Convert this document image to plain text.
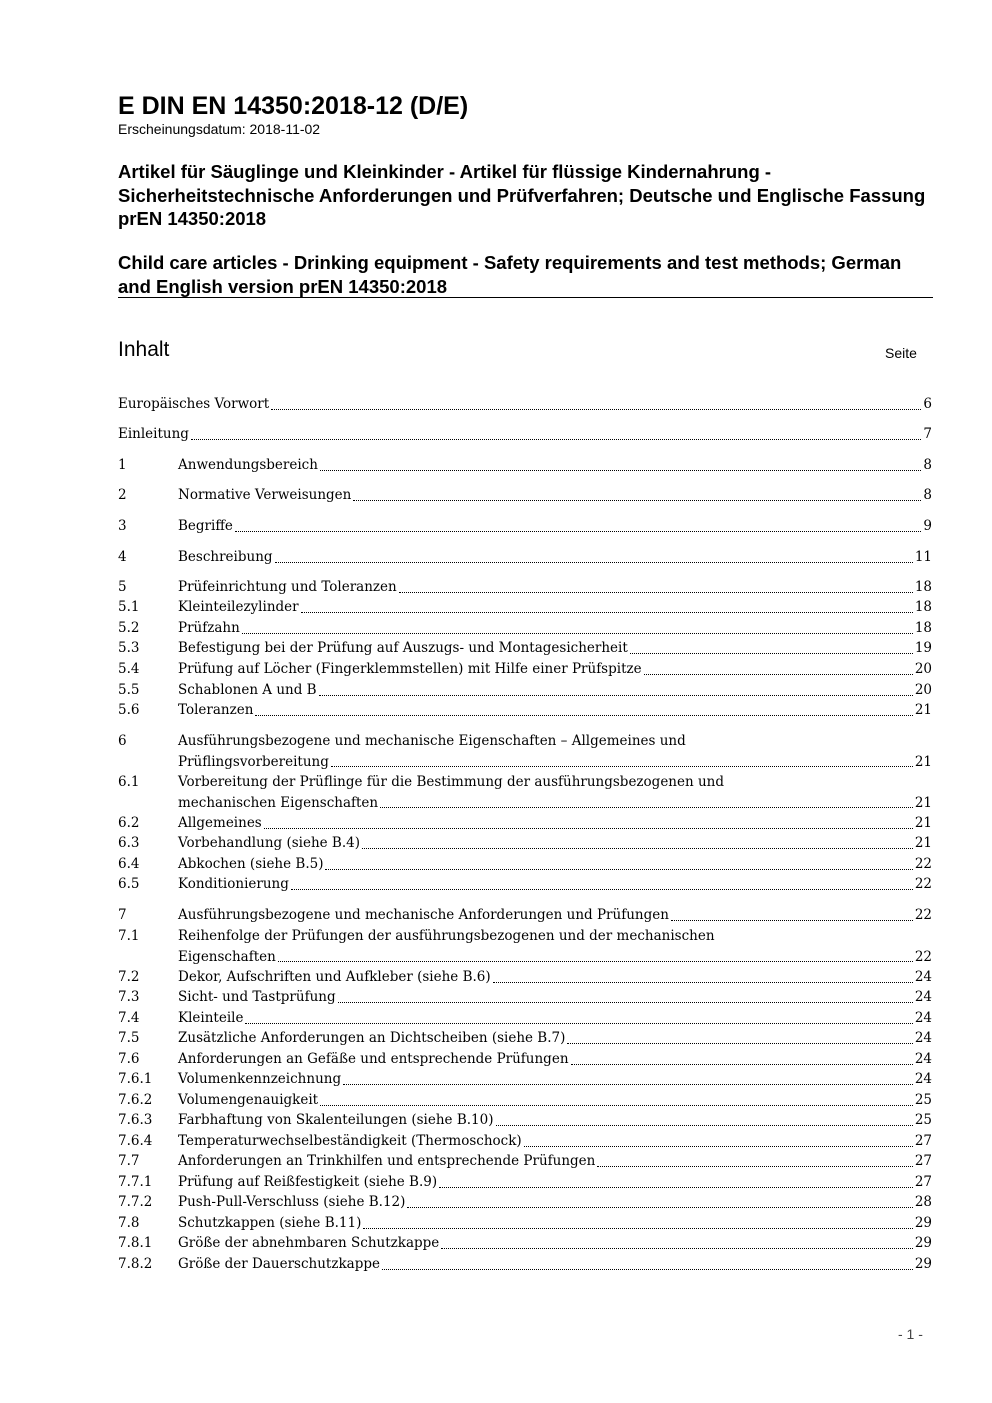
E DIN EN 14350:2018-12 (D/E)
Erscheinungsdatum: 2018-11-02
Artikel für Säuglinge und Kleinkinder - Artikel für flüssige Kindernahrung - Sicherheitstechnische Anforderungen und Prüfverfahren; Deutsche und Englische Fassung prEN 14350:2018
Child care articles - Drinking equipment - Safety requirements and test methods; German and English version prEN 14350:2018
Inhalt	Seite
Europäisches Vorwort	6
Einleitung	7
1	Anwendungsbereich	8
2	Normative Verweisungen	8
3	Begriffe	9
4	Beschreibung	11
5	Prüfeinrichtung und Toleranzen	18
5.1	Kleinteilezylinder	18
5.2	Prüfzahn	18
5.3	Befestigung bei der Prüfung auf Auszugs- und Montagesicherheit	19
5.4	Prüfung auf Löcher (Fingerklemmstellen) mit Hilfe einer Prüfspitze	20
5.5	Schablonen A und B	20
5.6	Toleranzen	21
6	Ausführungsbezogene und mechanische Eigenschaften – Allgemeines und
Prüflingsvorbereitung	21
6.1	Vorbereitung der Prüflinge für die Bestimmung der ausführungsbezogenen und
mechanischen Eigenschaften	21
6.2	Allgemeines	21
6.3	Vorbehandlung (siehe B.4)	21
6.4	Abkochen (siehe B.5)	22
6.5	Konditionierung	22
7	Ausführungsbezogene und mechanische Anforderungen und Prüfungen	22
7.1	Reihenfolge der Prüfungen der ausführungsbezogenen und der mechanischen
Eigenschaften	22
7.2	Dekor, Aufschriften und Aufkleber (siehe B.6)	24
7.3	Sicht- und Tastprüfung	24
7.4	Kleinteile	24
7.5	Zusätzliche Anforderungen an Dichtscheiben (siehe B.7)	24
7.6	Anforderungen an Gefäße und entsprechende Prüfungen	24
7.6.1	Volumenkennzeichnung	24
7.6.2	Volumengenauigkeit	25
7.6.3	Farbhaftung von Skalenteilungen (siehe B.10)	25
7.6.4	Temperaturwechselbeständigkeit (Thermoschock)	27
7.7	Anforderungen an Trinkhilfen und entsprechende Prüfungen	27
7.7.1	Prüfung auf Reißfestigkeit (siehe B.9)	27
7.7.2	Push-Pull-Verschluss (siehe B.12)	28
7.8	Schutzkappen (siehe B.11)	29
7.8.1	Größe der abnehmbaren Schutzkappe	29
7.8.2	Größe der Dauerschutzkappe	29
- 1 -
